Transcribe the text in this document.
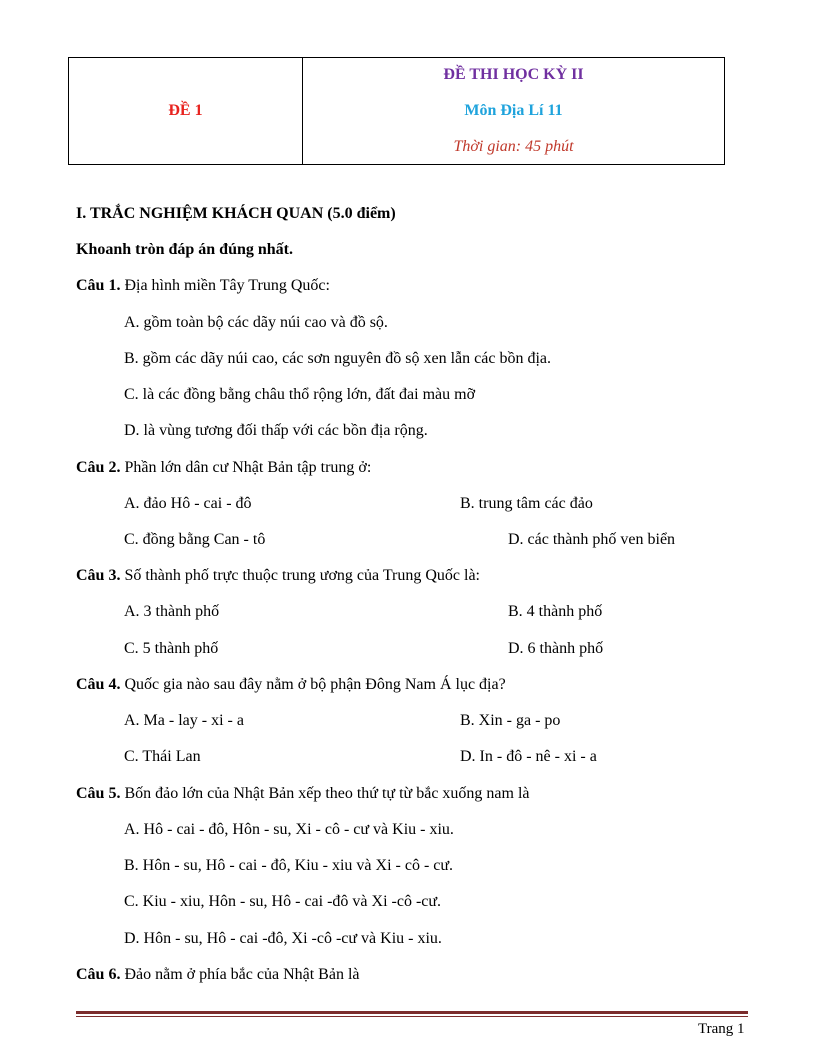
ĐỀ 1	
ĐỀ THI HỌC KỲ II
Môn Địa Lí 11
Thời gian: 45 phút
I. TRẮC NGHIỆM KHÁCH QUAN (5.0 điểm)
Khoanh tròn đáp án đúng nhất.
Câu 1. Địa hình miền Tây Trung Quốc:
A. gồm toàn bộ các dãy núi cao và đồ sộ.
B. gồm các dãy núi cao, các sơn nguyên đồ sộ xen lẫn các bồn địa.
C. là các đồng bằng châu thổ rộng lớn, đất đai màu mỡ
D. là vùng tương đối thấp với các bồn địa rộng.
Câu 2. Phần lớn dân cư Nhật Bản tập trung ở:
A. đảo Hô - cai - đô	B. trung tâm các đảo
C. đồng bằng Can - tô	D. các thành phố ven biển
Câu 3. Số thành phố trực thuộc trung ương của Trung Quốc là:
A. 3 thành phố	B. 4 thành phố
C. 5 thành phố	D. 6 thành phố
Câu 4. Quốc gia nào sau đây nằm ở bộ phận Đông Nam Á lục địa?
A. Ma - lay - xi - a	B. Xin - ga - po
C. Thái Lan	D. In - đô - nê - xi - a
Câu 5. Bốn đảo lớn của Nhật Bản xếp theo thứ tự từ bắc xuống nam là
A. Hô - cai - đô, Hôn - su, Xi - cô - cư và Kiu - xiu.
B. Hôn - su, Hô - cai - đô, Kiu - xiu và Xi - cô - cư.
C. Kiu - xiu, Hôn - su, Hô - cai -đô và Xi -cô -cư.
D. Hôn - su, Hô - cai -đô, Xi -cô -cư và Kiu - xiu.
Câu 6. Đảo nằm ở phía bắc của Nhật Bản là
Trang 1
